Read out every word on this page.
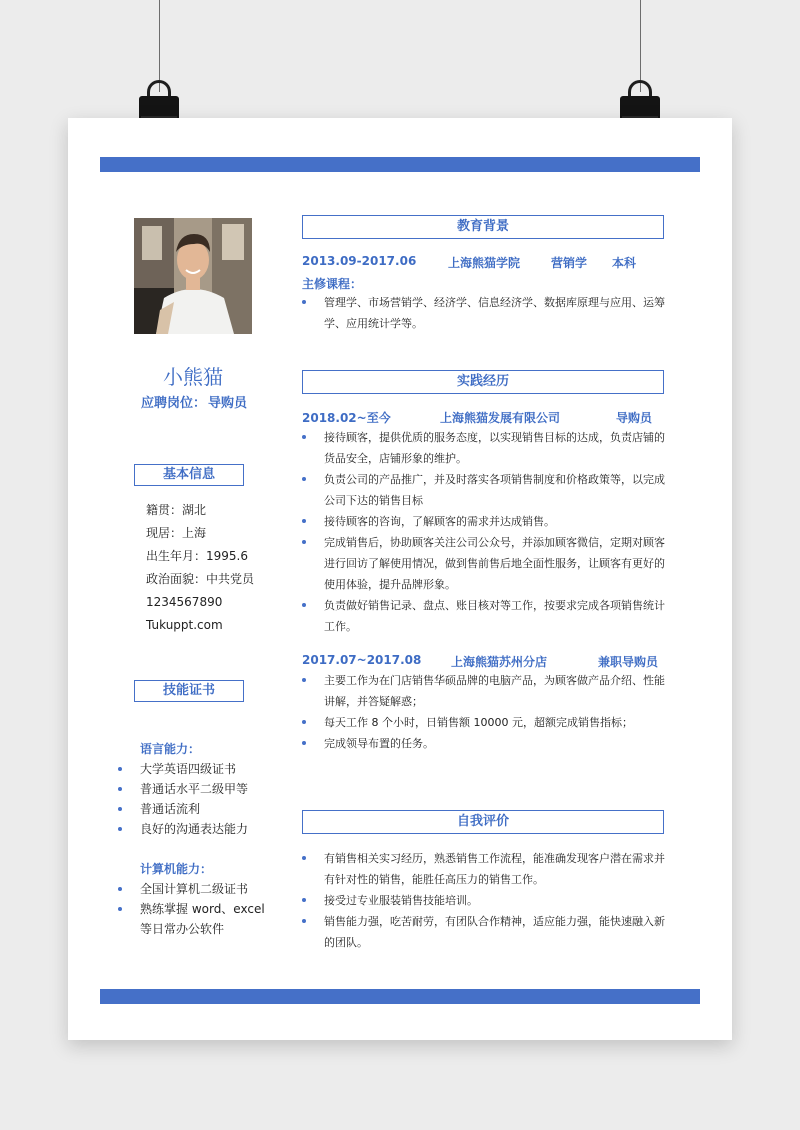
小熊猫
应聘岗位： 导购员
基本信息
籍贯：湖北
现居：上海
出生年月：1995.6
政治面貌：中共党员
1234567890
Tukuppt.com
技能证书
语言能力：
大学英语四级证书
普通话水平二级甲等
普通话流利
良好的沟通表达能力
计算机能力：
全国计算机二级证书
熟练掌握 word、excel 等日常办公软件
教育背景
2013.09-2017.06	上海熊猫学院	营销学 本科
主修课程：
管理学、市场营销学、经济学、信息经济学、数据库原理与应用、运筹学、应用统计学等。
实践经历
2018.02~至今	上海熊猫发展有限公司	导购员
接待顾客，提供优质的服务态度，以实现销售目标的达成，负责店铺的货品安全，店铺形象的维护。
负责公司的产品推广，并及时落实各项销售制度和价格政策等，以完成公司下达的销售目标
接待顾客的咨询，了解顾客的需求并达成销售。
完成销售后，协助顾客关注公司公众号，并添加顾客微信，定期对顾客进行回访了解使用情况，做到售前售后地全面性服务，让顾客有更好的使用体验，提升品牌形象。
负责做好销售记录、盘点、账目核对等工作，按要求完成各项销售统计工作。
2017.07~2017.08 上海熊猫苏州分店	兼职导购员
主要工作为在门店销售华硕品牌的电脑产品，为顾客做产品介绍、性能讲解，并答疑解惑；
每天工作 8 个小时，日销售额 10000 元，超额完成销售指标；
完成领导布置的任务。
自我评价
有销售相关实习经历，熟悉销售工作流程，能准确发现客户潜在需求并有针对性的销售，能胜任高压力的销售工作。
接受过专业服装销售技能培训。
销售能力强，吃苦耐劳，有团队合作精神，适应能力强，能快速融入新的团队。
